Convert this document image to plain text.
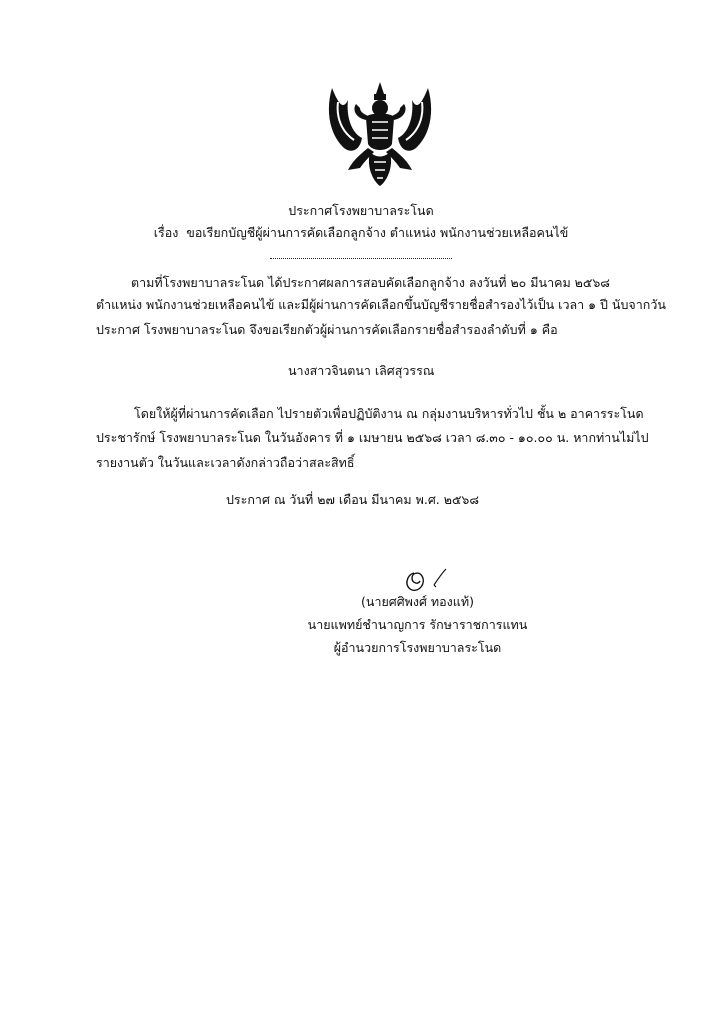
ประกาศโรงพยาบาลระโนด
เรื่อง ขอเรียกบัญชีผู้ผ่านการคัดเลือกลูกจ้าง ตำแหน่ง พนักงานช่วยเหลือคนไข้
ตามที่โรงพยาบาลระโนด ได้ประกาศผลการสอบคัดเลือกลูกจ้าง ลงวันที่ ๒๐ มีนาคม ๒๕๖๘
ตำแหน่ง พนักงานช่วยเหลือคนไข้ และมีผู้ผ่านการคัดเลือกขึ้นบัญชีรายชื่อสำรองไว้เป็น เวลา ๑ ปี นับจากวัน
ประกาศ โรงพยาบาลระโนด จึงขอเรียกตัวผู้ผ่านการคัดเลือกรายชื่อสำรองลำดับที่ ๑ คือ
นางสาวจินตนา เลิศสุวรรณ
โดยให้ผู้ที่ผ่านการคัดเลือก ไปรายตัวเพื่อปฏิบัติงาน ณ กลุ่มงานบริหารทั่วไป ชั้น ๒ อาคารระโนด
ประชารักษ์ โรงพยาบาลระโนด ในวันอังคาร ที่ ๑ เมษายน ๒๕๖๘ เวลา ๘.๓๐ - ๑๐.๐๐ น. หากท่านไม่ไป
รายงานตัว ในวันและเวลาดังกล่าวถือว่าสละสิทธิ์
ประกาศ ณ วันที่ ๒๗ เดือน มีนาคม พ.ศ. ๒๕๖๘
(นายศศิพงศ์ ทองแท้)
นายแพทย์ชำนาญการ รักษาราชการแทน
ผู้อำนวยการโรงพยาบาลระโนด
